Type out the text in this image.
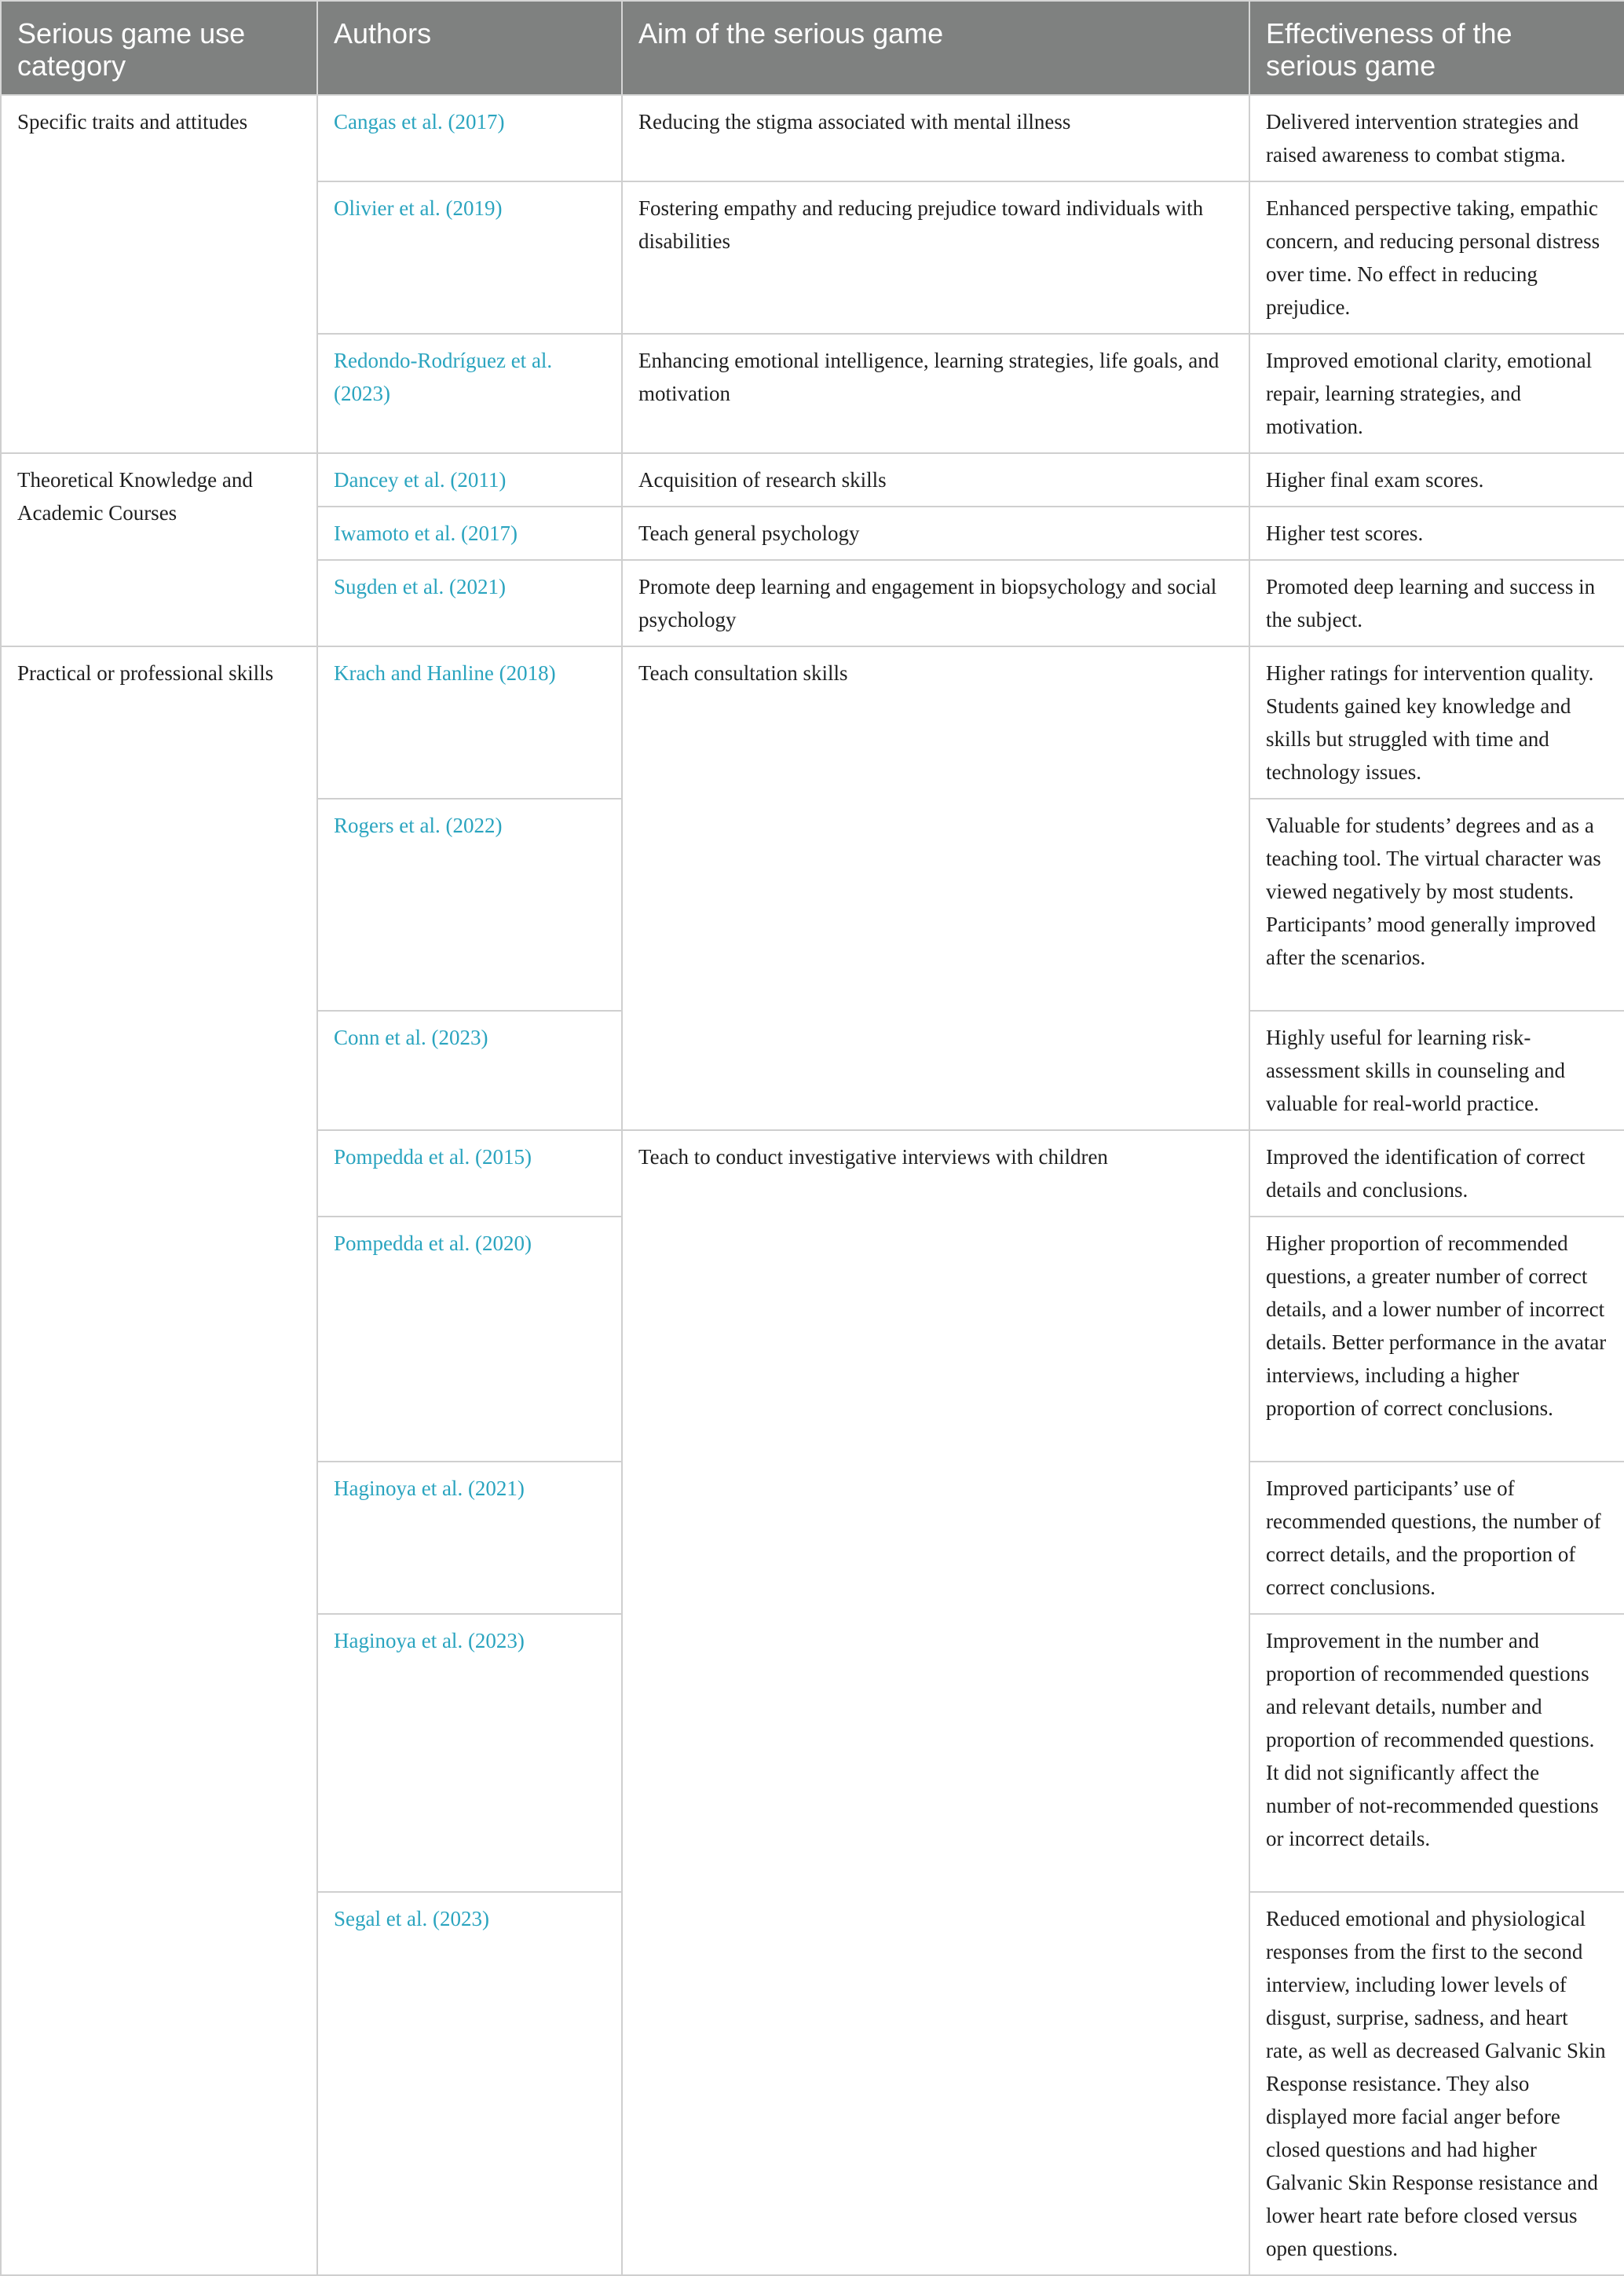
Serious game use category	Authors	Aim of the serious game	Effectiveness of the serious game
Specific traits and attitudes	Cangas et al. (2017)	Reducing the stigma associated with mental illness	Delivered intervention strategies and raised awareness to combat stigma.
	Olivier et al. (2019)	Fostering empathy and reducing prejudice toward individuals with disabilities	Enhanced perspective taking, empathic concern, and reducing personal distress over time. No effect in reducing prejudice.
	Redondo-Rodríguez et al. (2023)	Enhancing emotional intelligence, learning strategies, life goals, and motivation	Improved emotional clarity, emotional repair, learning strategies, and motivation.
Theoretical Knowledge and Academic Courses	Dancey et al. (2011)	Acquisition of research skills	Higher final exam scores.
	Iwamoto et al. (2017)	Teach general psychology	Higher test scores.
	Sugden et al. (2021)	Promote deep learning and engagement in biopsychology and social psychology	Promoted deep learning and success in the subject.
Practical or professional skills	Krach and Hanline (2018)	Teach consultation skills	Higher ratings for intervention quality. Students gained key knowledge and skills but struggled with time and technology issues.
	Rogers et al. (2022)		Valuable for students’ degrees and as a teaching tool. The virtual character was viewed negatively by most students. Participants’ mood generally improved after the scenarios.
	Conn et al. (2023)		Highly useful for learning risk-assessment skills in counseling and valuable for real-world practice.
	Pompedda et al. (2015)	Teach to conduct investigative interviews with children	Improved the identification of correct details and conclusions.
	Pompedda et al. (2020)		Higher proportion of recommended questions, a greater number of correct details, and a lower number of incorrect details. Better performance in the avatar interviews, including a higher proportion of correct conclusions.
	Haginoya et al. (2021)		Improved participants’ use of recommended questions, the number of correct details, and the proportion of correct conclusions.
	Haginoya et al. (2023)		Improvement in the number and proportion of recommended questions and relevant details, number and proportion of recommended questions. It did not significantly affect the number of not-recommended questions or incorrect details.
	Segal et al. (2023)		Reduced emotional and physiological responses from the first to the second interview, including lower levels of disgust, surprise, sadness, and heart rate, as well as decreased Galvanic Skin Response resistance. They also displayed more facial anger before closed questions and had higher Galvanic Skin Response resistance and lower heart rate before closed versus open questions.
